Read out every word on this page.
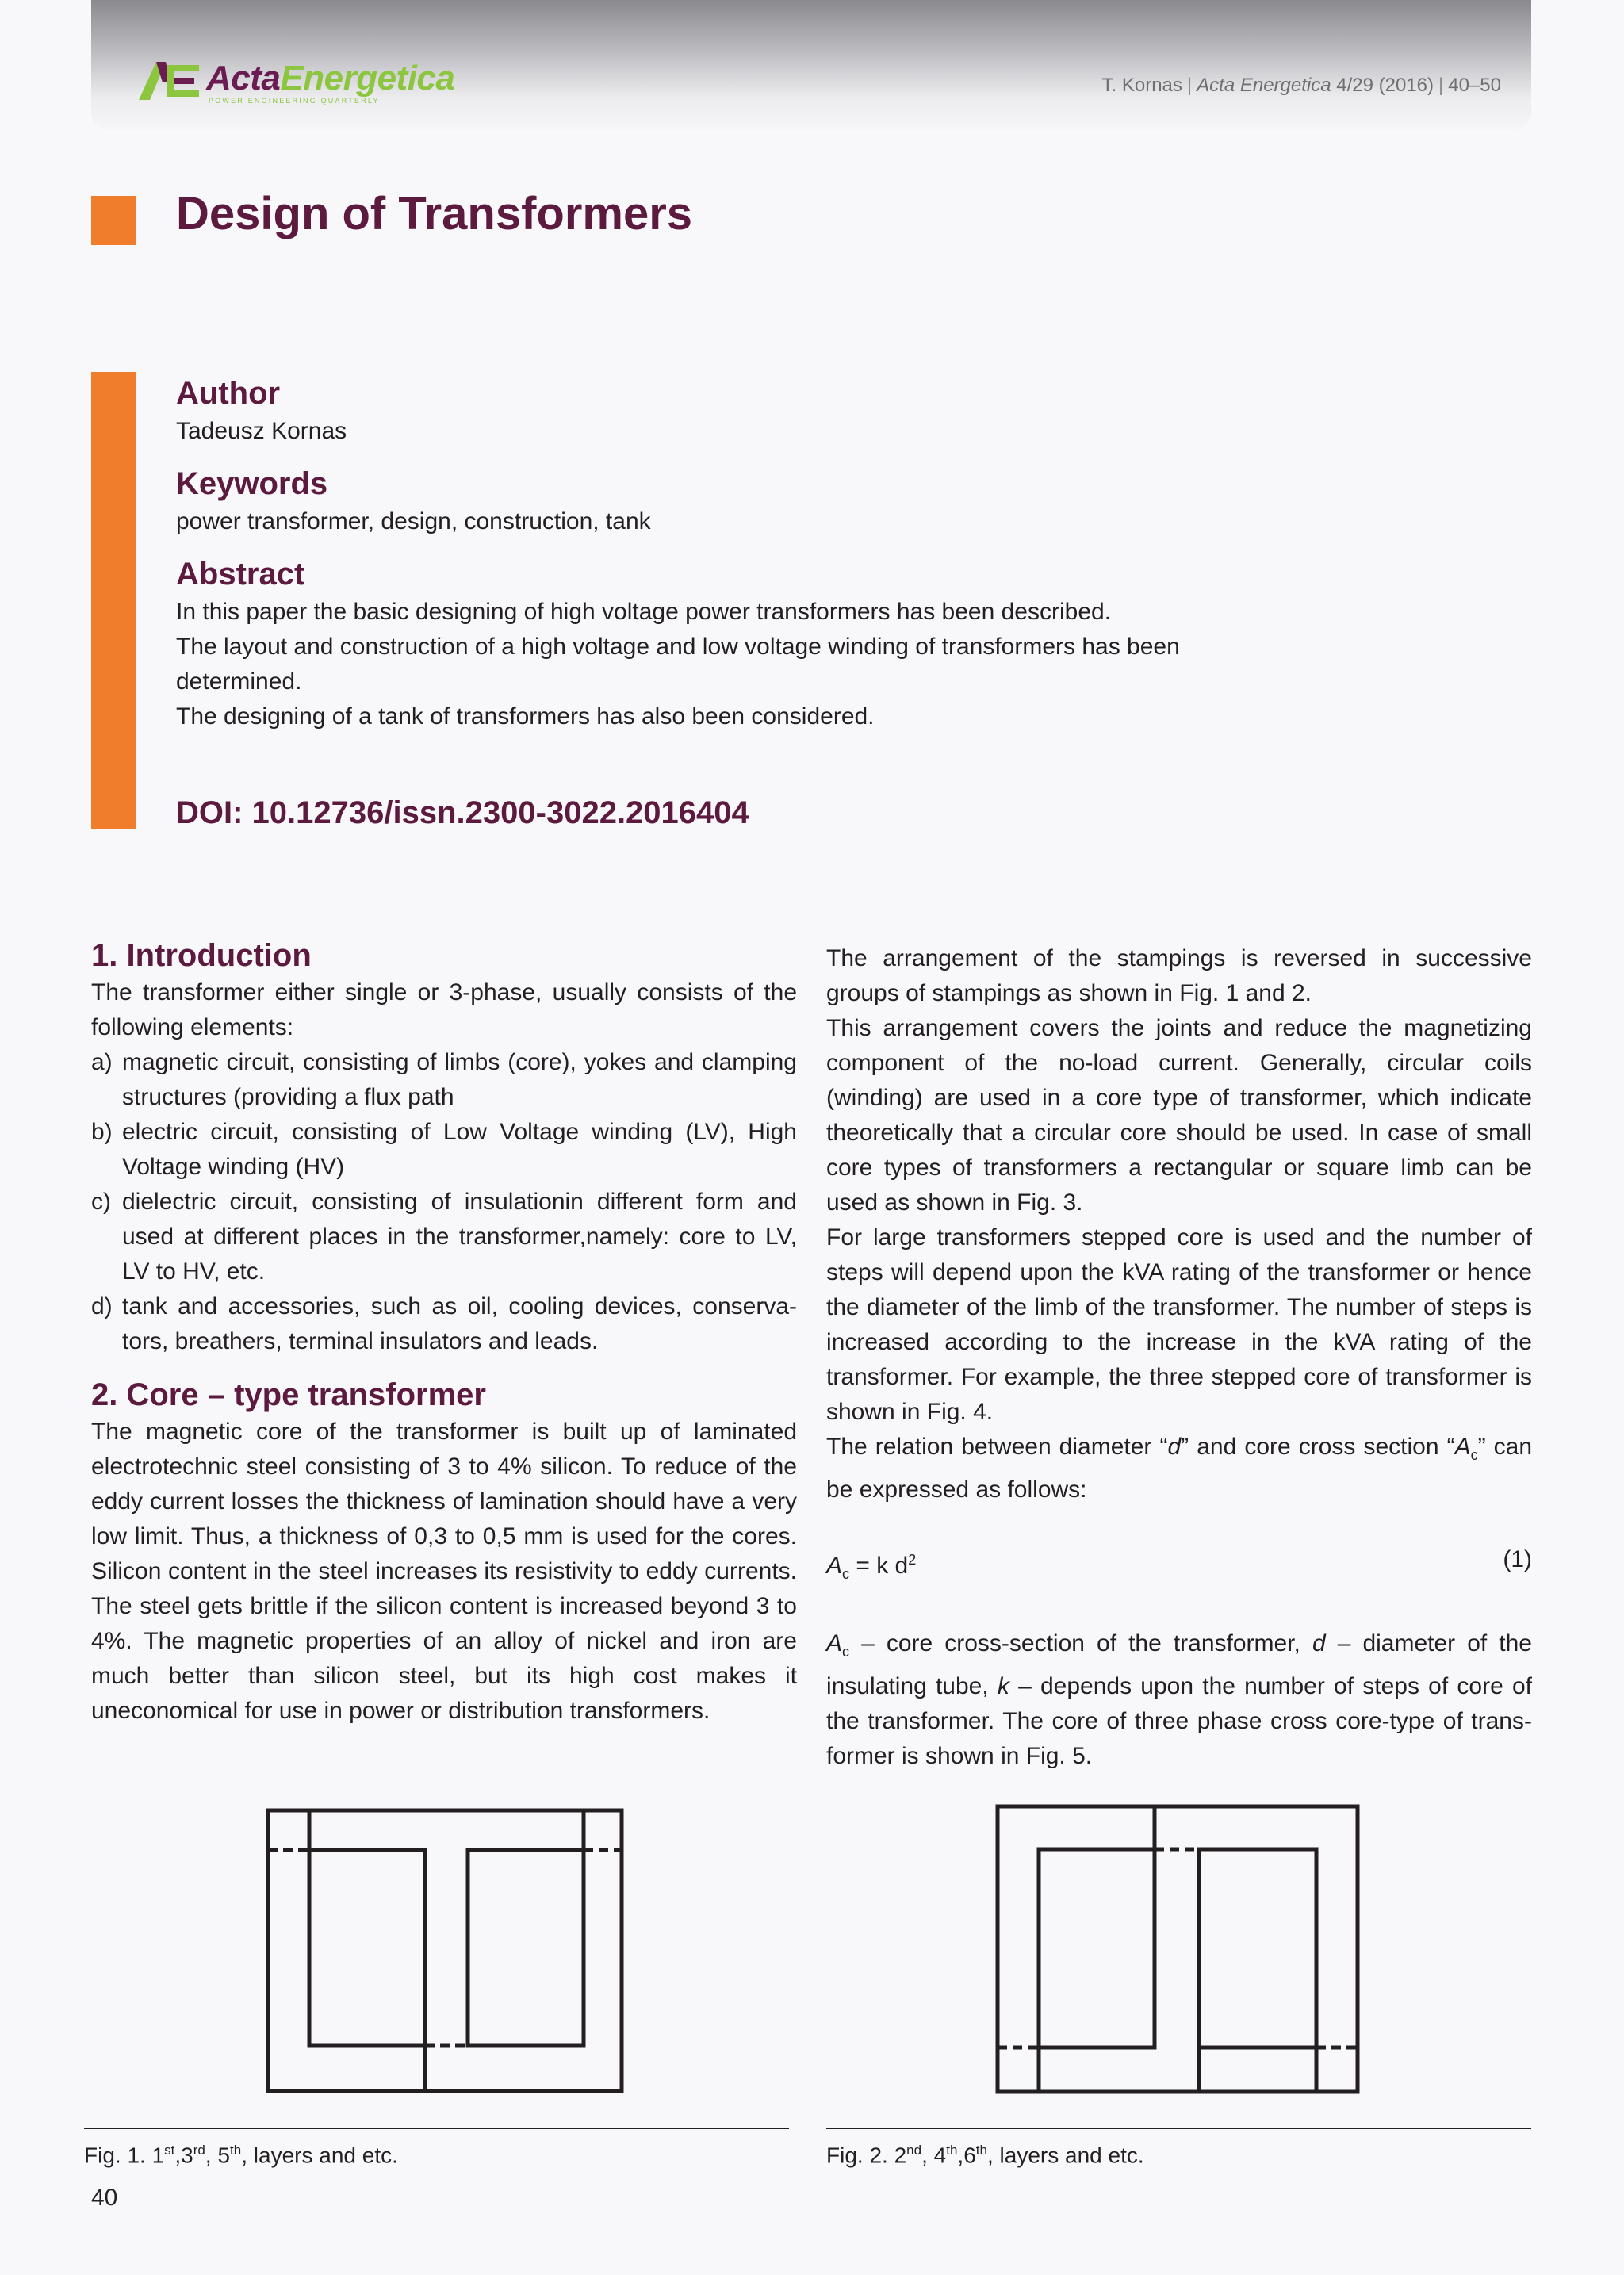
ActaEnergetica
POWER ENGINEERING QUARTERLY
T. Kornas | Acta Energetica 4/29 (2016) | 40–50
Design of Transformers
Author

Tadeusz Kornas

Keywords

power transformer, design, construction, tank

Abstract

In this paper the basic designing of high voltage power transformers has been described.

The layout and construction of a high voltage and low voltage winding of transformers has been determined.

The designing of a tank of transformers has also been considered.

DOI: 10.12736/issn.2300-3022.2016404
1. Introduction

The transformer either single or 3-phase, usually consists of the following elements:

a) magnetic circuit, consisting of limbs (core), yokes and clamping structures (providing a flux path
b) electric circuit, consisting of Low Voltage winding (LV), High Voltage winding (HV)
c) dielectric circuit, consisting of insulationin different form and used at different places in the transformer,namely: core to LV, LV to HV, etc.
d) tank and accessories, such as oil, cooling devices, conservators, breathers, terminal insulators and leads.
2. Core – type transformer

The magnetic core of the transformer is built up of laminated electrotechnic steel consisting of 3 to 4% silicon. To reduce of the eddy current losses the thickness of lamination should have a very low limit. Thus, a thickness of 0,3 to 0,5 mm is used for the cores. Silicon content in the steel increases its resistivity to eddy currents. The steel gets brittle if the silicon content is increased beyond 3 to 4%. The magnetic properties of an alloy of nickel and iron are much better than silicon steel, but its high cost makes it uneconomical for use in power or distribution transformers.

The arrangement of the stampings is reversed in successive groups of stampings as shown in Fig. 1 and 2.

This arrangement covers the joints and reduce the magnetizing component of the no-load current. Generally, circular coils (winding) are used in a core type of transformer, which indicate theoretically that a circular core should be used. In case of small core types of transformers a rectangular or square limb can be used as shown in Fig. 3.

For large transformers stepped core is used and the number of steps will depend upon the kVA rating of the transformer or hence the diameter of the limb of the transformer. The number of steps is increased according to the increase in the kVA rating of the transformer. For example, the three stepped core of transformer is shown in Fig. 4.

The relation between diameter “d” and core cross section “$A_c$” can be expressed as follows:

$A_c = k$ $d^2$	(1)

$A_c$ – core cross-section of the transformer, d – diameter of the insulating tube, k – depends upon the number of steps of core of the transformer. The core of three phase cross core-type of transformer is shown in Fig. 5.

Fig. 1. 1st,3rd, 5th, layers and etc.	Fig. 2. 2nd, 4th,6th, layers and etc.
40
